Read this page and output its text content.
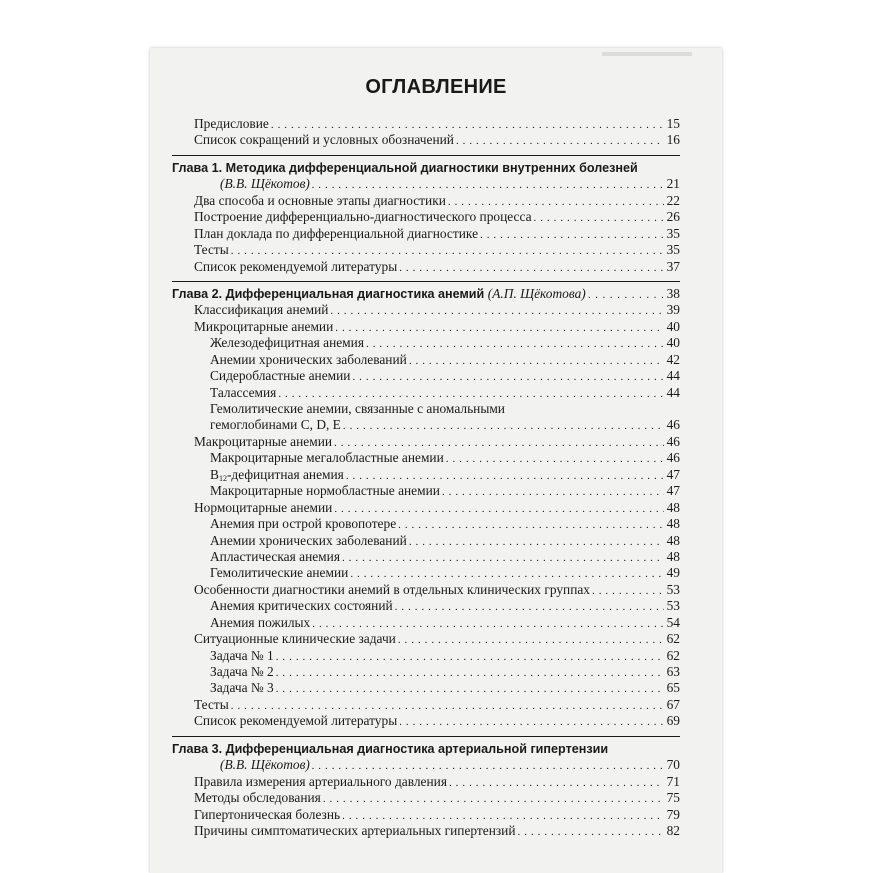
ОГЛАВЛЕНИЕ
Предисловие . . .	15
Список сокращений и условных обозначений . . .	16
Глава 1. Методика дифференциальной диагностики внутренних болезней
(В.В. Щёкотов) . . .	21
Два способа и основные этапы диагностики . . .	22
Построение дифференциально-диагностического процесса . . .	26
План доклада по дифференциальной диагностике . . .	35
Тесты . . .	35
Список рекомендуемой литературы . . .	37
Глава 2. Дифференциальная диагностика анемий (А.П. Щёкотова) . . .	38
Классификация анемий . . .	39
Микроцитарные анемии . . .	40
Железодефицитная анемия . . .	40
Анемии хронических заболеваний . . .	42
Сидеробластные анемии . . .	44
Талассемия . . .	44
Гемолитические анемии, связанные с аномальными
гемоглобинами С, D, E . . .	46
Макроцитарные анемии . . .	46
Макроцитарные мегалобластные анемии . . .	46
$B_{12}$-дефицитная анемия . . .	47
Макроцитарные нормобластные анемии . . .	47
Нормоцитарные анемии . . .	48
Анемия при острой кровопотере . . .	48
Анемии хронических заболеваний . . .	48
Апластическая анемия . . .	48
Гемолитические анемии . . .	49
Особенности диагностики анемий в отдельных клинических группах . . .	53
Анемия критических состояний . . .	53
Анемия пожилых . . .	54
Ситуационные клинические задачи . . .	62
Задача № 1 . . .	62
Задача № 2 . . .	63
Задача № 3 . . .	65
Тесты . . .	67
Список рекомендуемой литературы . . .	69
Глава 3. Дифференциальная диагностика артериальной гипертензии
(В.В. Щёкотов) . . .	70
Правила измерения артериального давления . . .	71
Методы обследования . . .	75
Гипертоническая болезнь . . .	79
Причины симптоматических артериальных гипертензий . . .	82
